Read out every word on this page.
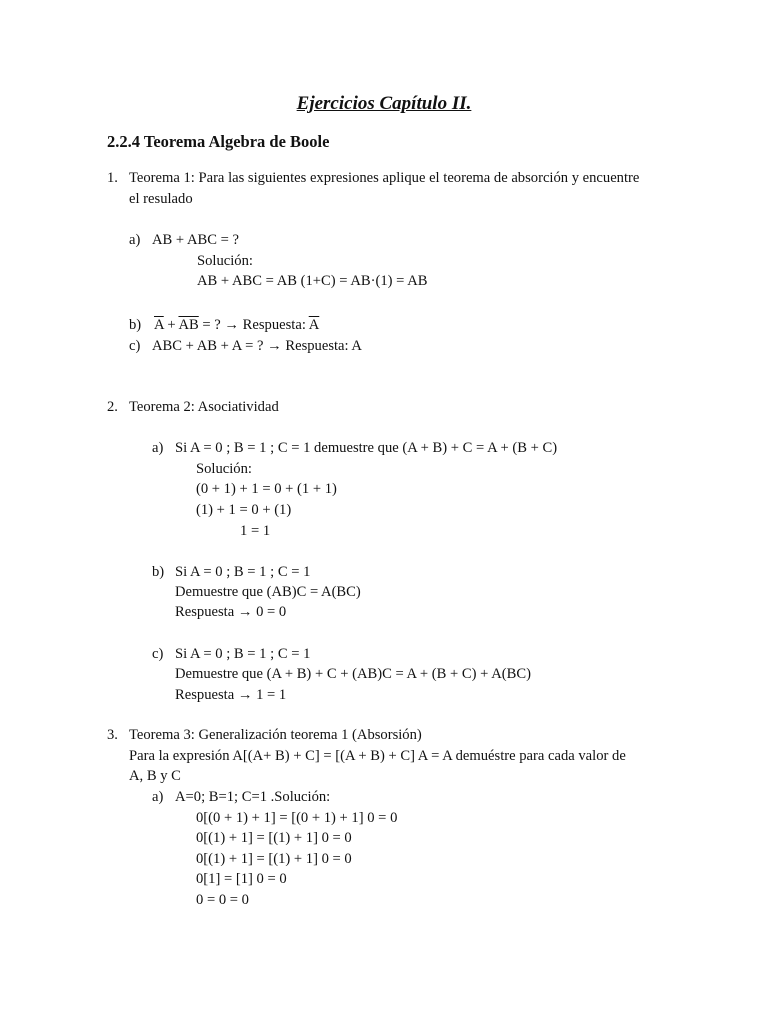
Ejercicios Capítulo II.
2.2.4 Teorema Algebra de Boole
1. Teorema 1: Para las siguientes expresiones aplique el teorema de absorción y encuentre
el resulado
a) AB + ABC = ?
Solución:
AB + ABC = AB (1+C) = AB·(1) = AB
b) $\overline{A} + \overline{AB}$ = ? → Respuesta: $\overline{A}$
c) ABC + AB + A = ? → Respuesta: A
2. Teorema 2: Asociatividad
a) Si A = 0 ; B = 1 ; C = 1 demuestre que (A + B) + C = A + (B + C)
Solución:
(0 + 1) + 1 = 0 + (1 + 1)
(1) + 1 = 0 + (1)
1 = 1
b) Si A = 0 ; B = 1 ; C = 1
Demuestre que (AB)C = A(BC)
Respuesta → 0 = 0
c) Si A = 0 ; B = 1 ; C = 1
Demuestre que (A + B) + C + (AB)C = A + (B + C) + A(BC)
Respuesta → 1 = 1
3. Teorema 3: Generalización teorema 1 (Absorsión)
Para la expresión A[(A+ B) + C] = [(A + B) + C] A = A demuéstre para cada valor de
A, B y C
a) A=0; B=1; C=1 .Solución:
0[(0 + 1) + 1] = [(0 + 1) + 1] 0 = 0
0[(1) + 1] = [(1) + 1] 0 = 0
0[(1) + 1] = [(1) + 1] 0 = 0
0[1] = [1] 0 = 0
0 = 0 = 0
